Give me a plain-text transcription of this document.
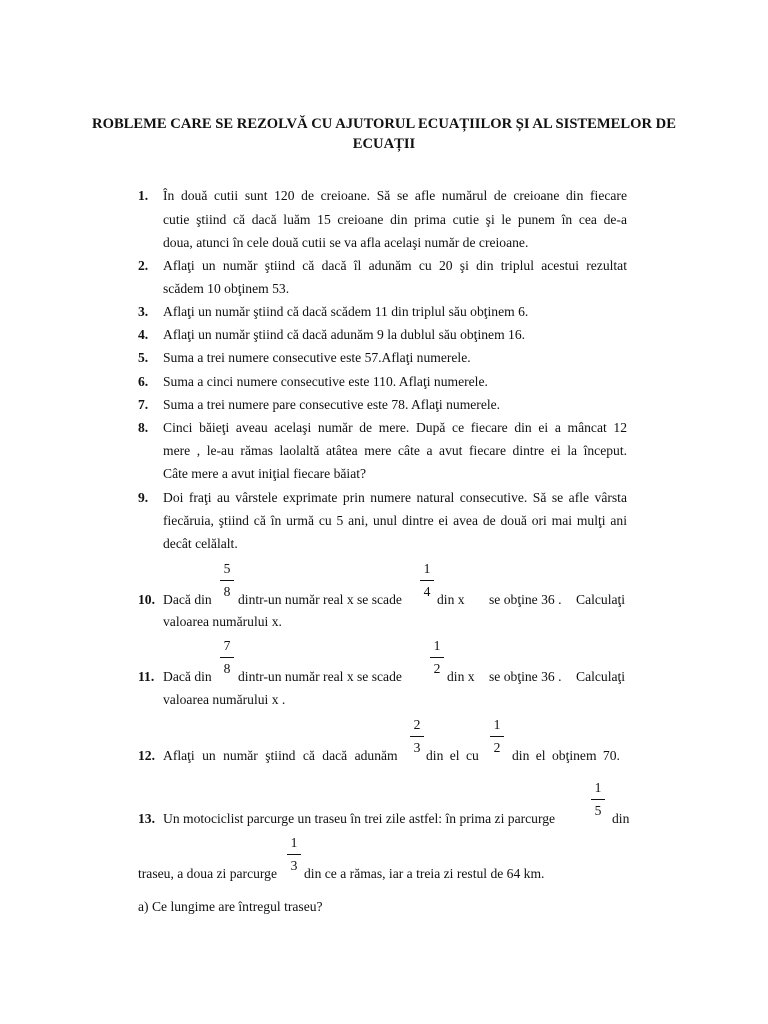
ROBLEME CARE SE REZOLVĂ CU AJUTORUL ECUAȚIILOR ȘI AL SISTEMELOR DE ECUAȚII
1. În două cutii sunt 120 de creioane. Să se afle numărul de creioane din fiecare
cutie ştiind că dacă luăm 15 creioane din prima cutie şi le punem în cea de-a
doua, atunci în cele două cutii se va afla acelaşi număr de creioane.
2. Aflaţi un număr ştiind că dacă îl adunăm cu 20 şi din triplul acestui rezultat
scădem 10 obţinem 53.
3. Aflaţi un număr ştiind că dacă scădem 11 din triplul său obţinem 6.
4. Aflaţi un număr ştiind că dacă adunăm 9 la dublul său obţinem 16.
5. Suma a trei numere consecutive este 57.Aflaţi numerele.
6. Suma a cinci numere consecutive este 110. Aflaţi numerele.
7. Suma a trei numere pare consecutive este 78. Aflaţi numerele.
8. Cinci băieţi aveau acelaşi număr de mere. După ce fiecare din ei a mâncat 12
mere , le-au rămas laolaltă atâtea mere câte a avut fiecare dintre ei la început.
Câte mere a avut iniţial fiecare băiat?
9. Doi fraţi au vârstele exprimate prin numere natural consecutive. Să se afle vârsta
fiecăruia, ştiind că în urmă cu 5 ani, unul dintre ei avea de două ori mai mulţi ani
decât celălalt.
10. Dacă din
5
8
dintr-un număr real x se scade
1
4
din x se obţine 36 . Calculaţi
valoarea numărului x.
11. Dacă din
7
8
dintr-un număr real x se scade
1
2
din x se obţine 36 . Calculaţi
valoarea numărului x .
12. Aflaţi un număr ştiind că dacă adunăm
2
3
din el cu
1
2
din el obţinem 70.
13. Un motociclist parcurge un traseu în trei zile astfel: în prima zi parcurge
1
5
din
traseu, a doua zi parcurge
1
3
din ce a rămas, iar a treia zi restul de 64 km.
a) Ce lungime are întregul traseu?
